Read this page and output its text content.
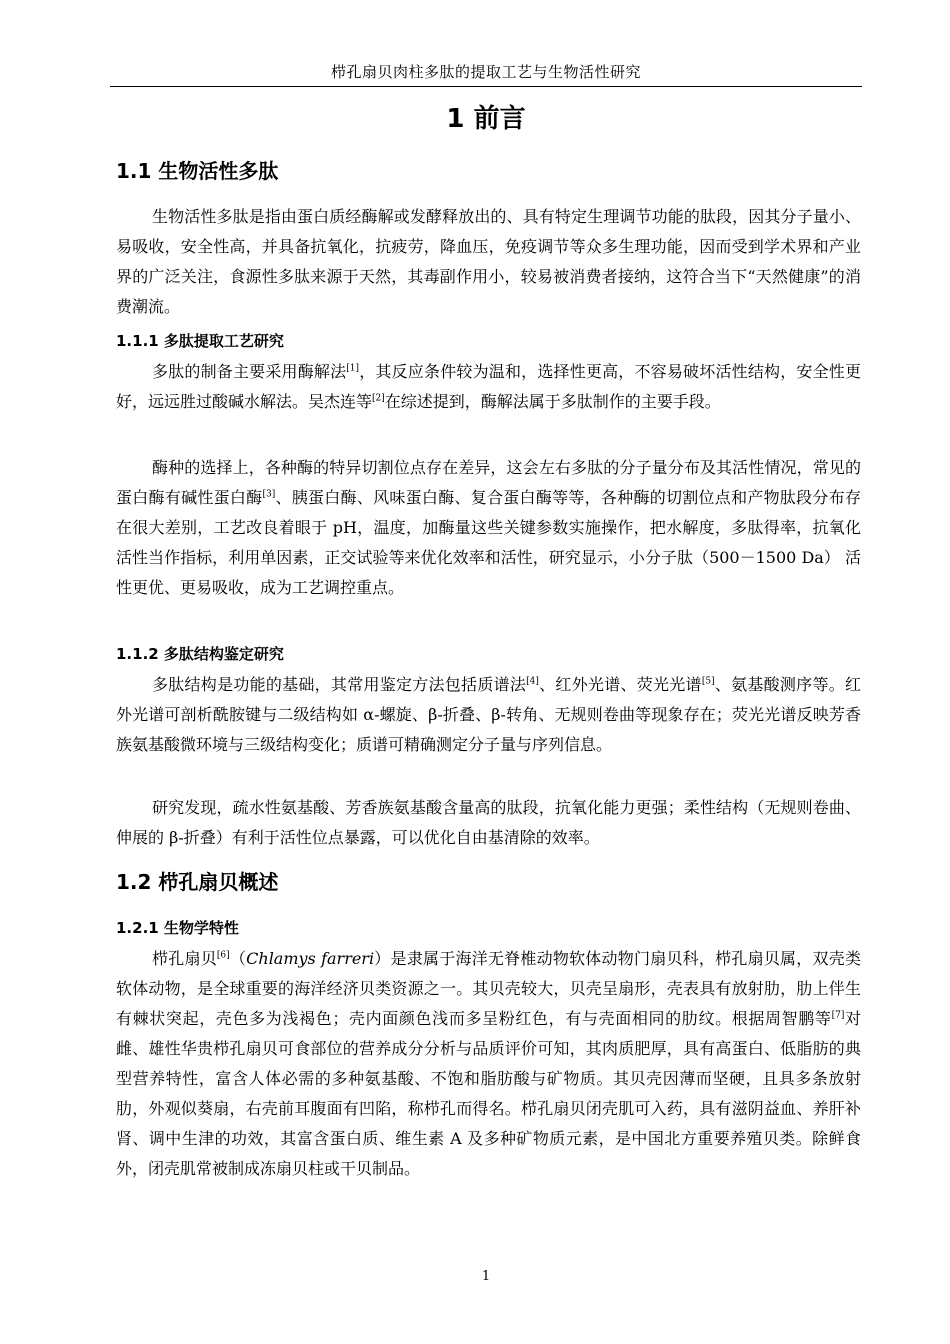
栉孔扇贝肉柱多肽的提取工艺与生物活性研究
1 前言
1.1 生物活性多肽

生物活性多肽是指由蛋白质经酶解或发酵释放出的、具有特定生理调节功能的肽段，因其分子量小、易吸收，安全性高，并具备抗氧化，抗疲劳，降血压，免疫调节等众多生理功能，因而受到学术界和产业界的广泛关注，食源性多肽来源于天然，其毒副作用小，较易被消费者接纳，这符合当下“天然健康”的消费潮流。

1.1.1 多肽提取工艺研究

多肽的制备主要采用酶解法[1]，其反应条件较为温和，选择性更高，不容易破坏活性结构，安全性更好，远远胜过酸碱水解法。吴杰连等[2]在综述提到，酶解法属于多肽制作的主要手段。

酶种的选择上，各种酶的特异切割位点存在差异，这会左右多肽的分子量分布及其活性情况，常见的蛋白酶有碱性蛋白酶[3]、胰蛋白酶、风味蛋白酶、复合蛋白酶等等，各种酶的切割位点和产物肽段分布存在很大差别，工艺改良着眼于 pH，温度，加酶量这些关键参数实施操作，把水解度，多肽得率，抗氧化活性当作指标，利用单因素，正交试验等来优化效率和活性，研究显示，小分子肽（500－1500 Da） 活性更优、更易吸收，成为工艺调控重点。

1.1.2 多肽结构鉴定研究

多肽结构是功能的基础，其常用鉴定方法包括质谱法[4]、红外光谱、荧光光谱[5]、氨基酸测序等。红外光谱可剖析酰胺键与二级结构如 α-螺旋、β-折叠、β-转角、无规则卷曲等现象存在；荧光光谱反映芳香族氨基酸微环境与三级结构变化；质谱可精确测定分子量与序列信息。

研究发现，疏水性氨基酸、芳香族氨基酸含量高的肽段，抗氧化能力更强；柔性结构（无规则卷曲、伸展的 β-折叠）有利于活性位点暴露，可以优化自由基清除的效率。

1.2 栉孔扇贝概述
1.2.1 生物学特性

栉孔扇贝[6]（Chlamys farreri）是隶属于海洋无脊椎动物软体动物门扇贝科，栉孔扇贝属，双壳类软体动物，是全球重要的海洋经济贝类资源之一。其贝壳较大，贝壳呈扇形，壳表具有放射肋，肋上伴生有棘状突起，壳色多为浅褐色；壳内面颜色浅而多呈粉红色，有与壳面相同的肋纹。根据周智鹏等[7]对雌、雄性华贵栉孔扇贝可食部位的营养成分分析与品质评价可知，其肉质肥厚，具有高蛋白、低脂肪的典型营养特性，富含人体必需的多种氨基酸、不饱和脂肪酸与矿物质。其贝壳因薄而坚硬，且具多条放射肋，外观似葵扇，右壳前耳腹面有凹陷，称栉孔而得名。栉孔扇贝闭壳肌可入药，具有滋阴益血、养肝补肾、调中生津的功效，其富含蛋白质、维生素 A 及多种矿物质元素，是中国北方重要养殖贝类。除鲜食外，闭壳肌常被制成冻扇贝柱或干贝制品。

1
